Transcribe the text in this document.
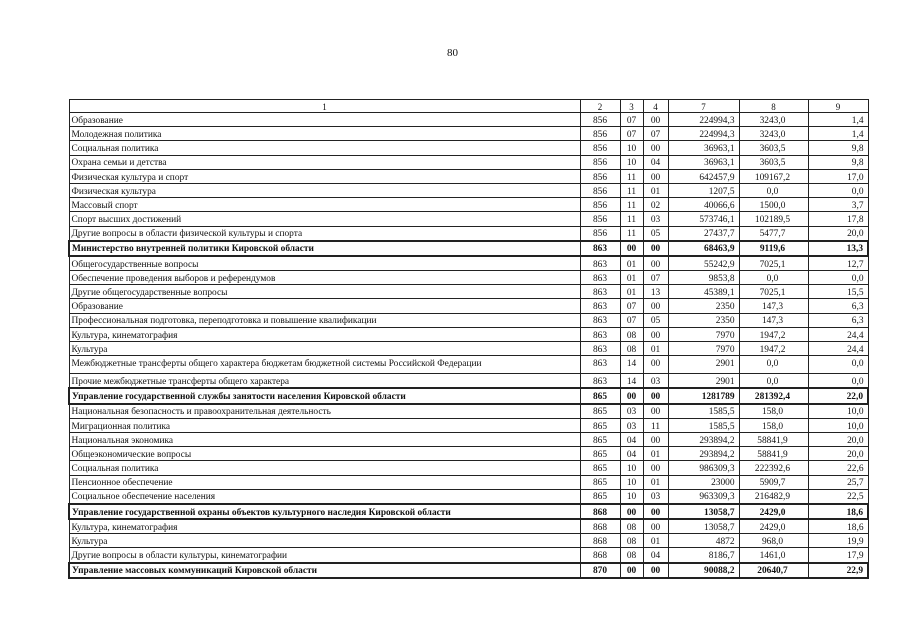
80
1	2	3	4	7	8	9
Образование	856	07	00	224994,3	3243,0	1,4
Молодежная политика	856	07	07	224994,3	3243,0	1,4
Социальная политика	856	10	00	36963,1	3603,5	9,8
Охрана семьи и детства	856	10	04	36963,1	3603,5	9,8
Физическая культура и спорт	856	11	00	642457,9	109167,2	17,0
Физическая культура	856	11	01	1207,5	0,0	0,0
Массовый спорт	856	11	02	40066,6	1500,0	3,7
Спорт высших достижений	856	11	03	573746,1	102189,5	17,8
Другие вопросы в области физической культуры и спорта	856	11	05	27437,7	5477,7	20,0
Министерство внутренней политики Кировской области	863	00	00	68463,9	9119,6	13,3
Общегосударственные вопросы	863	01	00	55242,9	7025,1	12,7
Обеспечение проведения выборов и референдумов	863	01	07	9853,8	0,0	0,0
Другие общегосударственные вопросы	863	01	13	45389,1	7025,1	15,5
Образование	863	07	00	2350	147,3	6,3
Профессиональная подготовка, переподготовка и повышение квалификации	863	07	05	2350	147,3	6,3
Культура, кинематография	863	08	00	7970	1947,2	24,4
Культура	863	08	01	7970	1947,2	24,4
Межбюджетные трансферты общего характера бюджетам бюджетной системы Российской Федерации	863	14	00	2901	0,0	0,0
Прочие межбюджетные трансферты общего характера	863	14	03	2901	0,0	0,0
Управление государственной службы занятости населения Кировской области	865	00	00	1281789	281392,4	22,0
Национальная безопасность и правоохранительная деятельность	865	03	00	1585,5	158,0	10,0
Миграционная политика	865	03	11	1585,5	158,0	10,0
Национальная экономика	865	04	00	293894,2	58841,9	20,0
Общеэкономические вопросы	865	04	01	293894,2	58841,9	20,0
Социальная политика	865	10	00	986309,3	222392,6	22,6
Пенсионное обеспечение	865	10	01	23000	5909,7	25,7
Социальное обеспечение населения	865	10	03	963309,3	216482,9	22,5
Управление государственной охраны объектов культурного наследия Кировской области	868	00	00	13058,7	2429,0	18,6
Культура, кинематография	868	08	00	13058,7	2429,0	18,6
Культура	868	08	01	4872	968,0	19,9
Другие вопросы в области культуры, кинематографии	868	08	04	8186,7	1461,0	17,9
Управление массовых коммуникаций Кировской области	870	00	00	90088,2	20640,7	22,9
